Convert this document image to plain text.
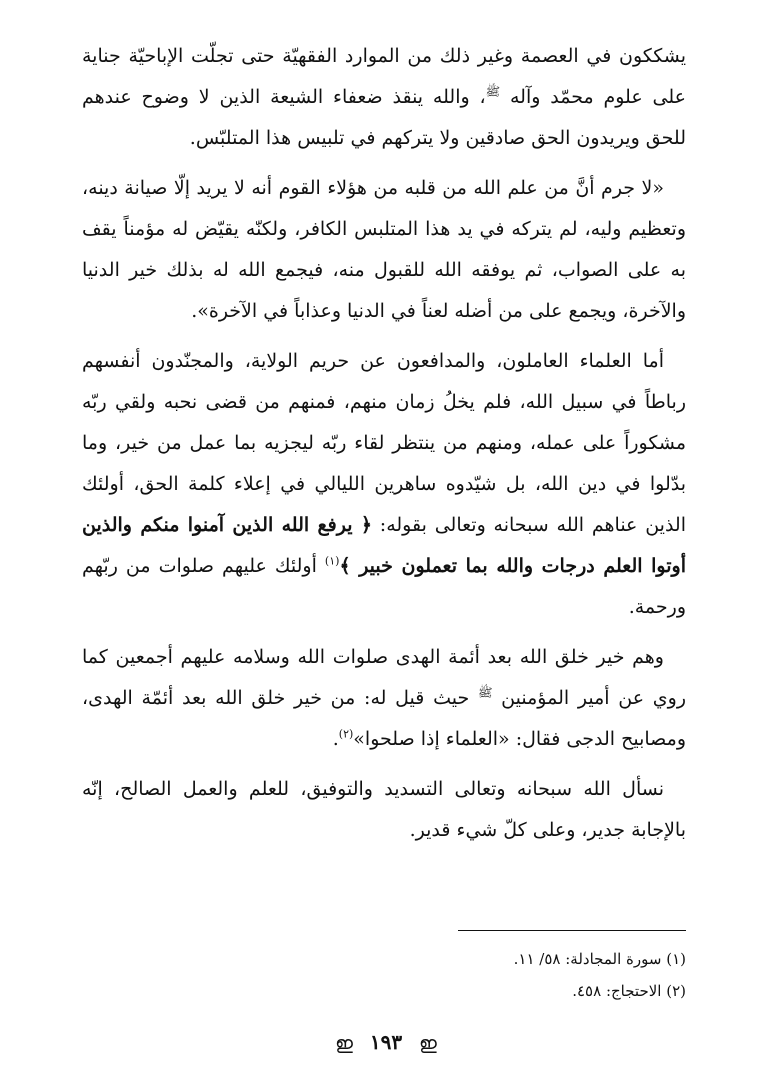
يشككون في العصمة وغير ذلك من الموارد الفقهيّة حتى تجلّت الإباحيّة جناية على علوم محمّد وآله $^ﷺ$، والله ينقذ ضعفاء الشيعة الذين لا وضوح عندهم للحق ويريدون الحق صادقين ولا يتركهم في تلبيس هذا المتلبّس.

«لا جرم أنَّ من علم الله من قلبه من هؤلاء القوم أنه لا يريد إلّا صيانة دينه، وتعظيم وليه، لم يتركه في يد هذا المتلبس الكافر، ولكنّه يقيّض له مؤمناً يقف به على الصواب، ثم يوفقه الله للقبول منه، فيجمع الله له بذلك خير الدنيا والآخرة، ويجمع على من أضله لعناً في الدنيا وعذاباً في الآخرة».

أما العلماء العاملون، والمدافعون عن حريم الولاية، والمجنّدون أنفسهم رباطاً في سبيل الله، فلم يخلُ زمان منهم، فمنهم من قضى نحبه ولقي ربّه مشكوراً على عمله، ومنهم من ينتظر لقاء ربّه ليجزيه بما عمل من خير، وما بدّلوا في دين الله، بل شيّدوه ساهرين الليالي في إعلاء كلمة الحق، أولئك الذين عناهم الله سبحانه وتعالى بقوله: ﴿ يرفع الله الذين آمنوا منكم والذين أوتوا العلم درجات والله بما تعملون خبير ﴾$^{(١)}$ أولئك عليهم صلوات من ربّهم ورحمة.

وهم خير خلق الله بعد أئمة الهدى صلوات الله وسلامه عليهم أجمعين كما روي عن أمير المؤمنين $^ﷺ$ حيث قيل له: من خير خلق الله بعد أئمّة الهدى، ومصابيح الدجى فقال: «العلماء إذا صلحوا»$^{(٢)}$.

نسأل الله سبحانه وتعالى التسديد والتوفيق، للعلم والعمل الصالح، إنّه بالإجابة جدير، وعلى كلّ شيء قدير.

(١) سورة المجادلة: ٥٨/ ١١.

(٢) الاحتجاج: ٤٥٨.

ഇ ١٩٣ ഇ
